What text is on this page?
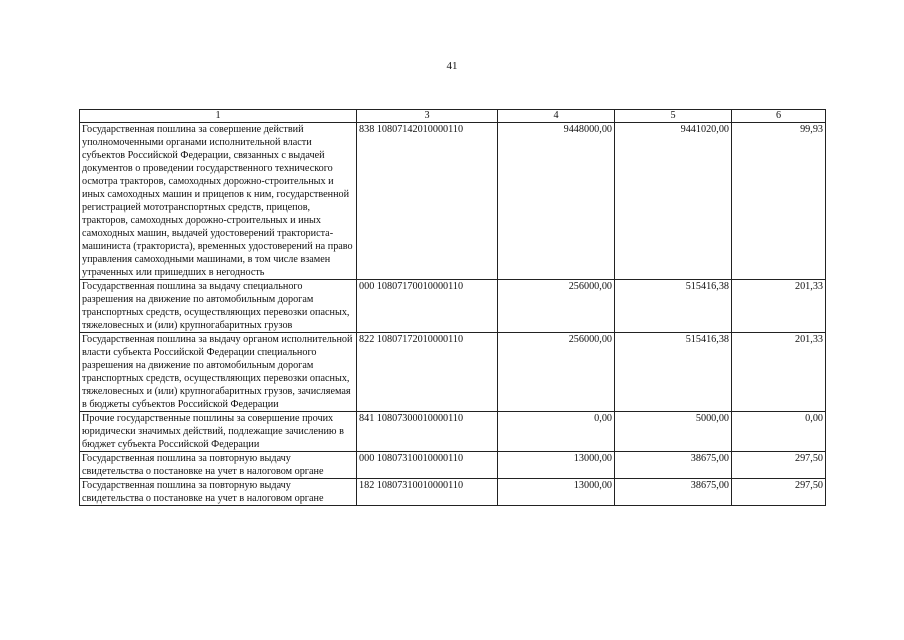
41
1	3	4	5	6
Государственная пошлина за совершение действий уполномоченными органами исполнительной власти субъектов Российской Федерации, связанных с выдачей документов о проведении государственного технического осмотра тракторов, самоходных дорожно-строительных и иных самоходных машин и прицепов к ним, государственной регистрацией мототранспортных средств, прицепов, тракторов, самоходных дорожно-строительных и иных самоходных машин, выдачей удостоверений тракториста-машиниста (тракториста), временных удостоверений на право управления самоходными машинами, в том числе взамен утраченных или пришедших в негодность	838 10807142010000110	9448000,00	9441020,00	99,93
Государственная пошлина за выдачу специального разрешения на движение по автомобильным дорогам транспортных средств, осуществляющих перевозки опасных, тяжеловесных и (или) крупногабаритных грузов	000 10807170010000110	256000,00	515416,38	201,33
Государственная пошлина за выдачу органом исполнительной власти субъекта Российской Федерации специального разрешения на движение по автомобильным дорогам транспортных средств, осуществляющих перевозки опасных, тяжеловесных и (или) крупногабаритных грузов, зачисляемая в бюджеты субъектов Российской Федерации	822 10807172010000110	256000,00	515416,38	201,33
Прочие государственные пошлины за совершение прочих юридически значимых действий, подлежащие зачислению в бюджет субъекта Российской Федерации	841 10807300010000110	0,00	5000,00	0,00
Государственная пошлина за повторную выдачу свидетельства о постановке на учет в налоговом органе	000 10807310010000110	13000,00	38675,00	297,50
Государственная пошлина за повторную выдачу свидетельства о постановке на учет в налоговом органе	182 10807310010000110	13000,00	38675,00	297,50
